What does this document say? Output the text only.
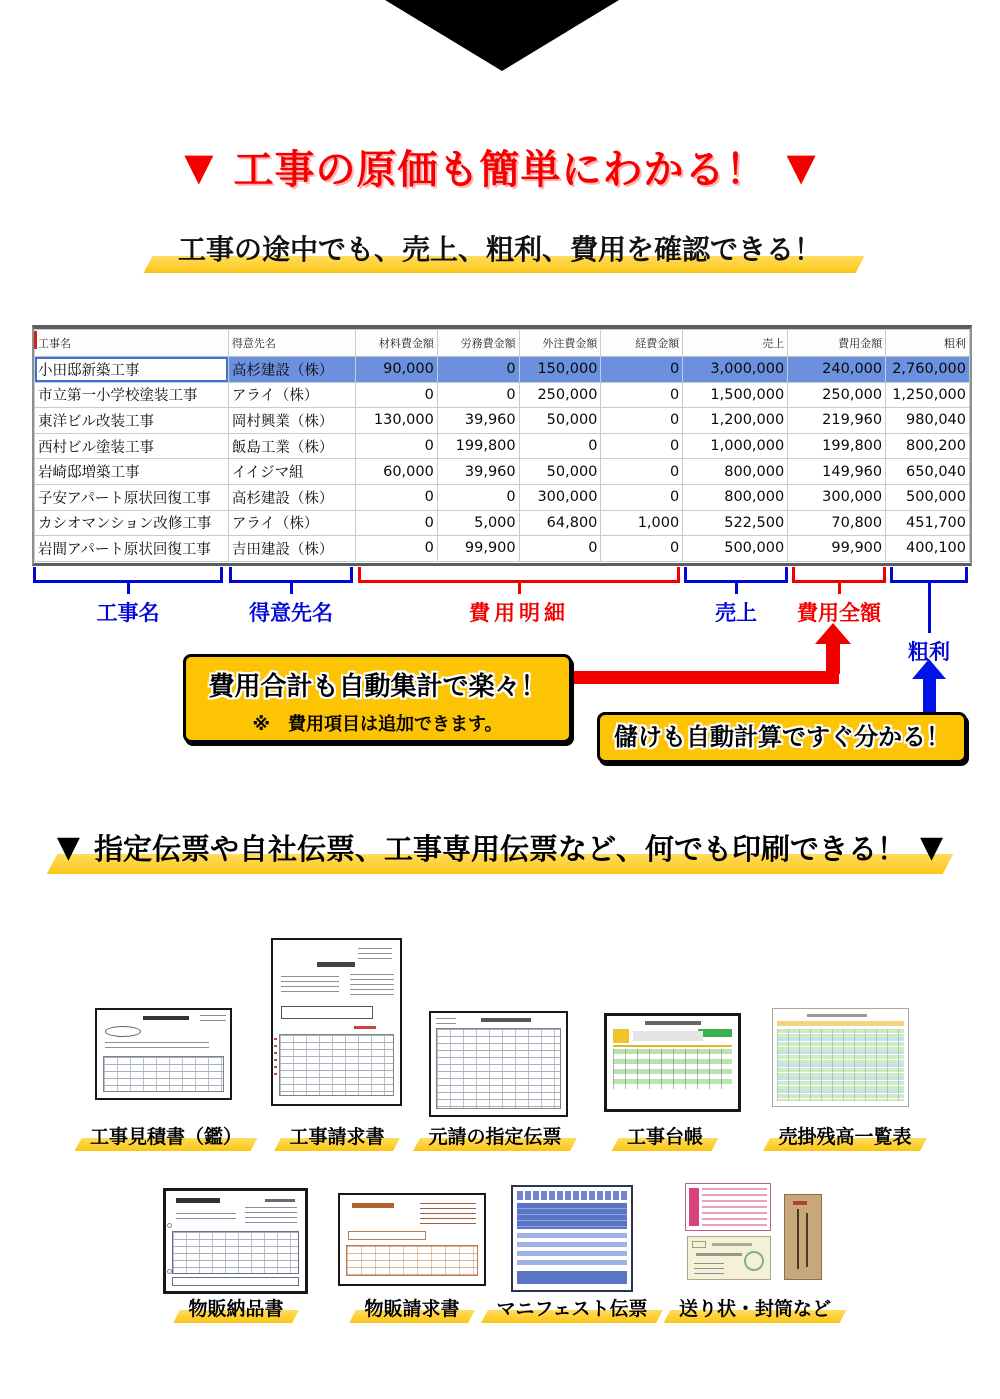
▼ 工事の原価も簡単にわかる！ ▼
工事の途中でも、売上、粗利、費用を確認できる！
工事名	得意先名	材料費金額	労務費金額	外注費金額	経費金額	売上	費用金額	粗利
小田邸新築工事	高杉建設（株）	90,000	0	150,000	0	3,000,000	240,000	2,760,000
市立第一小学校塗装工事	アライ（株）	0	0	250,000	0	1,500,000	250,000	1,250,000
東洋ビル改装工事	岡村興業（株）	130,000	39,960	50,000	0	1,200,000	219,960	980,040
西村ビル塗装工事	飯島工業（株）	0	199,800	0	0	1,000,000	199,800	800,200
岩崎邸増築工事	イイジマ組	60,000	39,960	50,000	0	800,000	149,960	650,040
子安アパート原状回復工事	高杉建設（株）	0	0	300,000	0	800,000	300,000	500,000
カシオマンション改修工事	アライ（株）	0	5,000	64,800	1,000	522,500	70,800	451,700
岩間アパート原状回復工事	吉田建設（株）	0	99,900	0	0	500,000	99,900	400,100
工事名	得意先名	費用明細	売上 費用全額
粗利
費用合計も自動集計で楽々！
※　費用項目は追加できます。	儲けも自動計算ですぐ分かる！
▼ 指定伝票や自社伝票、工事専用伝票など、何でも印刷できる！ ▼
工事見積書（鑑） 工事請求書 元請の指定伝票	工事台帳	売掛残高一覧表
物販納品書	物販請求書 マニフェスト伝票 送り状・封筒など
